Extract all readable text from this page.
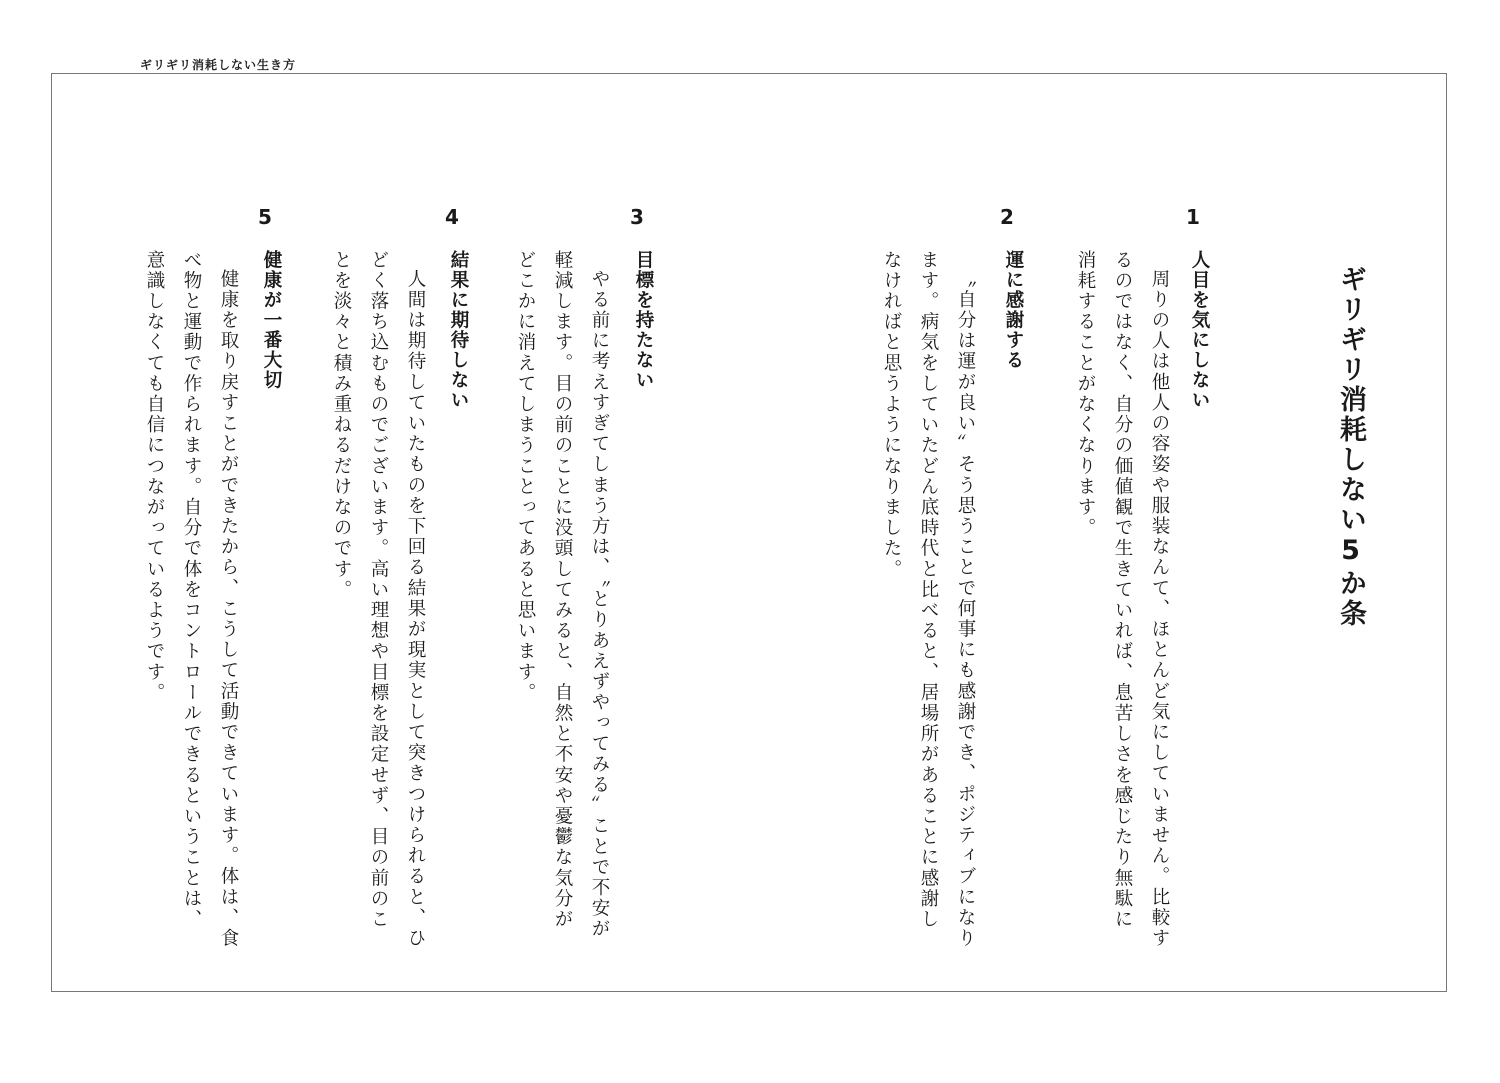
ギリギリ消耗しない生き方
ギリギリ消耗しない5か条
1
人目を気にしない
周りの人は他人の容姿や服装なんて、ほとんど気にしていません。比較するのではなく、自分の価値観で生きていれば、息苦しさを感じたり無駄に消耗することがなくなります。
2
運に感謝する
〝自分は運が良い〟そう思うことで何事にも感謝でき、ポジティブになります。病気をしていたどん底時代と比べると、居場所があることに感謝しなければと思うようになりました。
3
目標を持たない
やる前に考えすぎてしまう方は、〝とりあえずやってみる〟ことで不安が軽減します。目の前のことに没頭してみると、自然と不安や憂鬱な気分がどこかに消えてしまうことってあると思います。
4
結果に期待しない
人間は期待していたものを下回る結果が現実として突きつけられると、ひどく落ち込むものでございます。高い理想や目標を設定せず、目の前のことを淡々と積み重ねるだけなのです。
5
健康が一番大切
健康を取り戻すことができたから、こうして活動できています。体は、食べ物と運動で作られます。自分で体をコントロールできるということは、意識しなくても自信につながっているようです。
